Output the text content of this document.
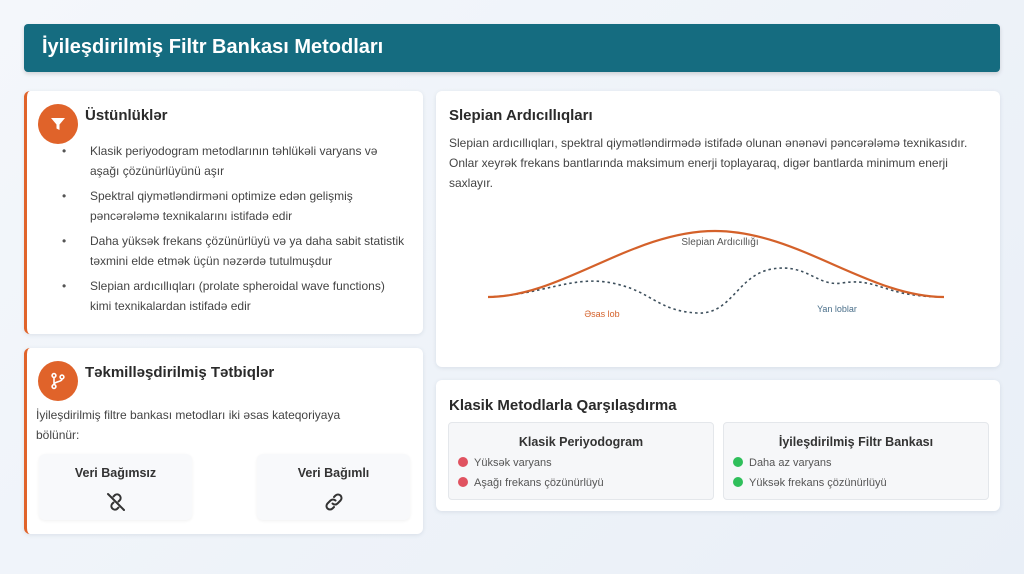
İyileşdirilmiş Filtr Bankası Metodları
Üstünlüklər
• Klasik periyodogram metodlarının təhlükəli varyans və aşağı çözünürlüyünü aşır
• Spektral qiymətləndirməni optimize edən gelişmiş pəncərələmə texnikalarını istifadə edir
• Daha yüksək frekans çözünürlüyü və ya daha sabit statistik təxmini elde etmək üçün nəzərdə tutulmuşdur
• Slepian ardıcıllıqları (prolate spheroidal wave functions) kimi texnikalardan istifadə edir
Təkmilləşdirilmiş Tətbiqlər

İyileşdirilmiş filtre bankası metodları iki əsas kateqoriyaya bölünür:

Veri Bağımsız	Veri Bağımlı
Slepian Ardıcıllıqları

Slepian ardıcıllıqları, spektral qiymətləndirmədə istifadə olunan ənənəvi pəncərələmə texnikasıdır. Onlar xeyrək frekans bantlarında maksimum enerji toplayaraq, digər bantlarda minimum enerji saxlayır.

Slepian Ardıcıllığı
Əsas lob	Yan loblar
Klasik Metodlarla Qarşılaşdırma
Klasik Periyodogram
Yüksək varyans
Aşağı frekans çözünürlüyü
İyileşdirilmiş Filtr Bankası
Daha az varyans
Yüksək frekans çözünürlüyü
